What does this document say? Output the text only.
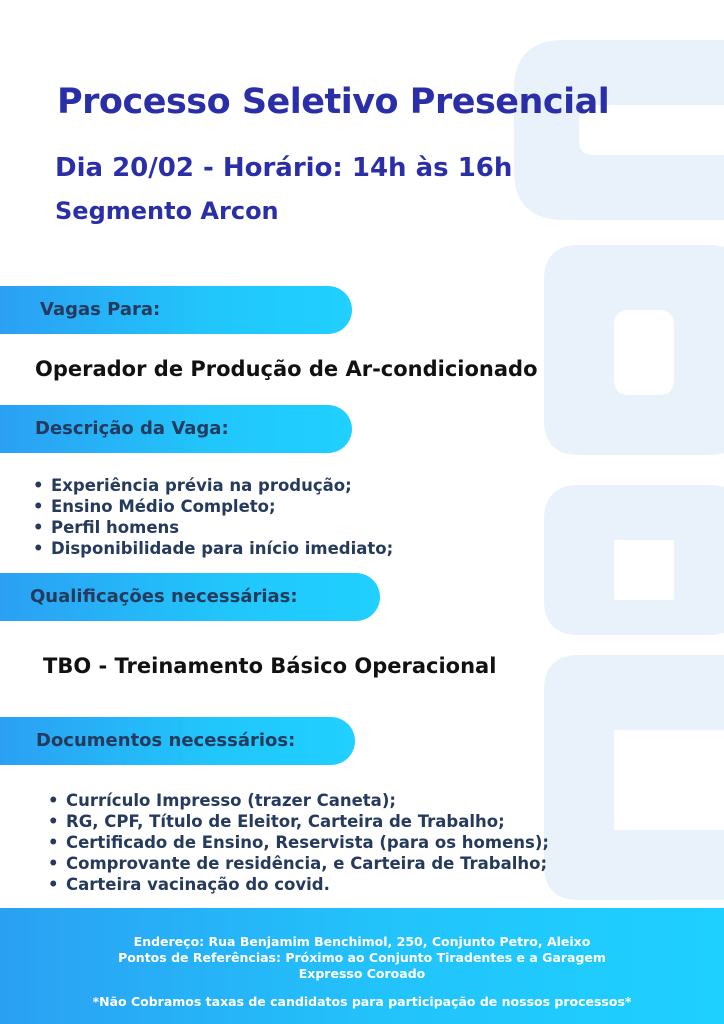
Processo Seletivo Presencial

Dia 20/02 - Horário: 14h às 16h

Segmento Arcon

Vagas Para:

Operador de Produção de Ar-condicionado

Descrição da Vaga:
• Experiência prévia na produção;
• Ensino Médio Completo;
• Perfil homens
• Disponibilidade para início imediato;
Qualificações necessárias:

TBO - Treinamento Básico Operacional

Documentos necessários:
• Currículo Impresso (trazer Caneta);
• RG, CPF, Título de Eleitor, Carteira de Trabalho;
• Certificado de Ensino, Reservista (para os homens);
• Comprovante de residência, e Carteira de Trabalho;
• Carteira vacinação do covid.
Endereço: Rua Benjamim Benchimol, 250, Conjunto Petro, Aleixo
Pontos de Referências: Próximo ao Conjunto Tiradentes e a Garagem
Expresso Coroado
*Não Cobramos taxas de candidatos para participação de nossos processos*
